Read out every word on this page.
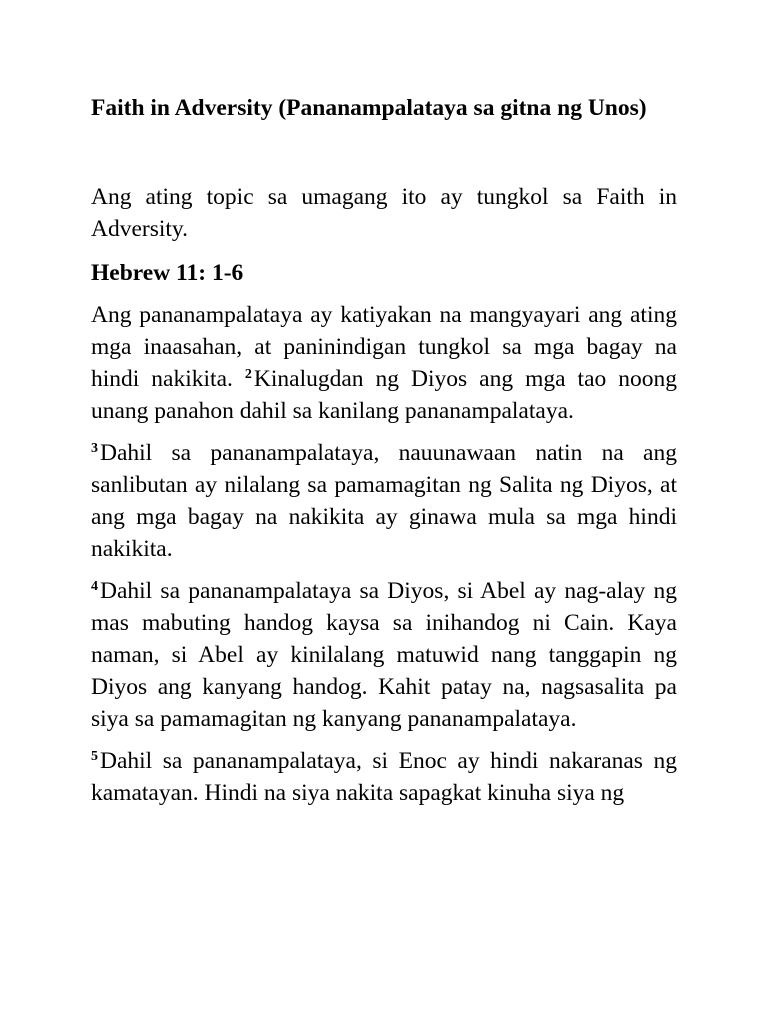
Faith in Adversity (Pananampalataya sa gitna ng Unos)

Ang ating topic sa umagang ito ay tungkol sa Faith in Adversity.

Hebrew 11: 1-6

Ang pananampalataya ay katiyakan na mangyayari ang ating mga inaasahan, at paninindigan tungkol sa mga bagay na hindi nakikita. $^2$Kinalugdan ng Diyos ang mga tao noong unang panahon dahil sa kanilang pananampalataya.

$^3$Dahil sa pananampalataya, nauunawaan natin na ang sanlibutan ay nilalang sa pamamagitan ng Salita ng Diyos, at ang mga bagay na nakikita ay ginawa mula sa mga hindi nakikita.

$^4$Dahil sa pananampalataya sa Diyos, si Abel ay nag-alay ng mas mabuting handog kaysa sa inihandog ni Cain. Kaya naman, si Abel ay kinilalang matuwid nang tanggapin ng Diyos ang kanyang handog. Kahit patay na, nagsasalita pa siya sa pamamagitan ng kanyang pananampalataya.

$^5$Dahil sa pananampalataya, si Enoc ay hindi nakaranas ng kamatayan. Hindi na siya nakita sapagkat kinuha siya ng
